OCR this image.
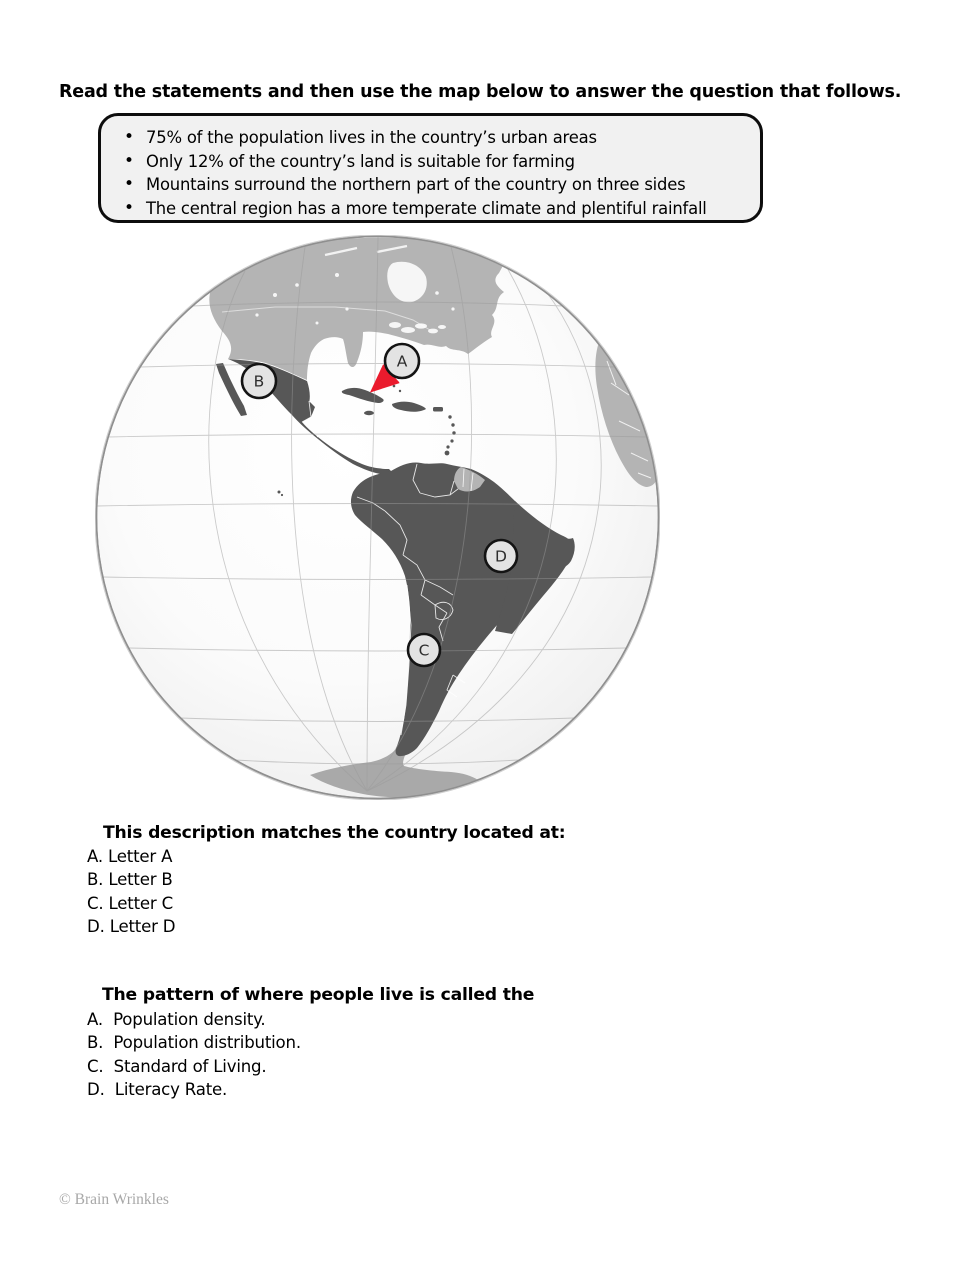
Read the statements and then use the map below to answer the question that follows.
• 75% of the population lives in the country’s urban areas
• Only 12% of the country’s land is suitable for farming
• Mountains surround the northern part of the country on three sides
• The central region has a more temperate climate and plentiful rainfall
A
B
C
D
This description matches the country located at:
A. Letter A
B. Letter B
C. Letter C
D. Letter D
The pattern of where people live is called the
A.  Population density.
B.  Population distribution.
C.  Standard of Living.
D.  Literacy Rate.
© Brain Wrinkles
